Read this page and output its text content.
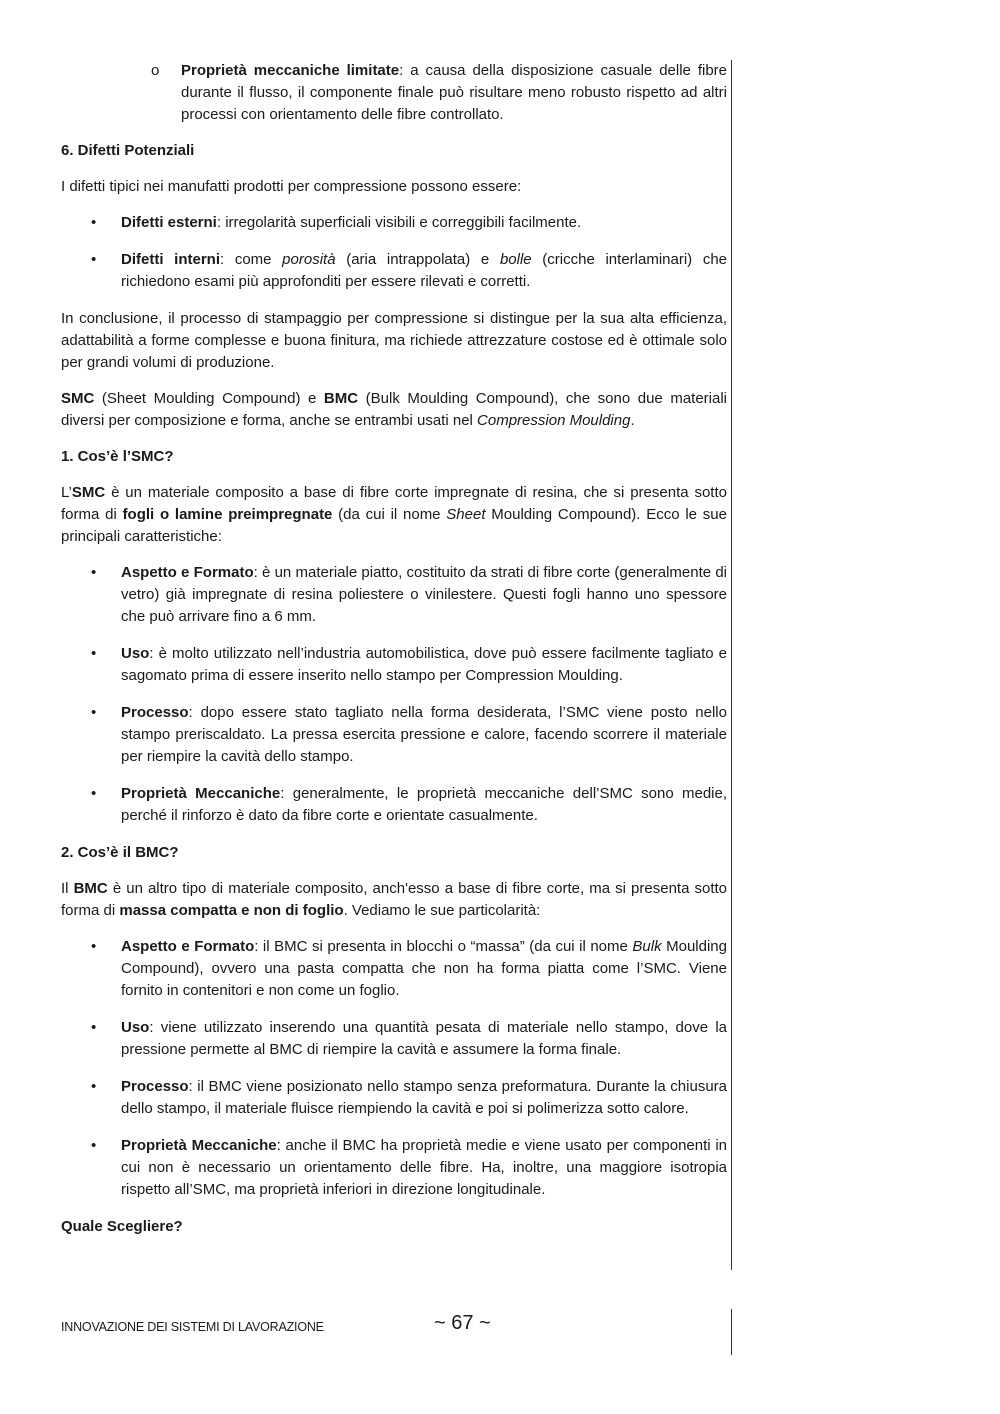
o Proprietà meccaniche limitate: a causa della disposizione casuale delle fibre durante il flusso, il componente finale può risultare meno robusto rispetto ad altri processi con orientamento delle fibre controllato.
6. Difetti Potenziali

I difetti tipici nei manufatti prodotti per compressione possono essere:

• Difetti esterni: irregolarità superficiali visibili e correggibili facilmente.
• Difetti interni: come porosità (aria intrappolata) e bolle (cricche interlaminari) che richiedono esami più approfonditi per essere rilevati e corretti.

In conclusione, il processo di stampaggio per compressione si distingue per la sua alta efficienza, adattabilità a forme complesse e buona finitura, ma richiede attrezzature costose ed è ottimale solo per grandi volumi di produzione.

SMC (Sheet Moulding Compound) e BMC (Bulk Moulding Compound), che sono due materiali diversi per composizione e forma, anche se entrambi usati nel Compression Moulding.

1. Cos’è l’SMC?

L’SMC è un materiale composito a base di fibre corte impregnate di resina, che si presenta sotto forma di fogli o lamine preimpregnate (da cui il nome Sheet Moulding Compound). Ecco le sue principali caratteristiche:

• Aspetto e Formato: è un materiale piatto, costituito da strati di fibre corte (generalmente di vetro) già impregnate di resina poliestere o vinilestere. Questi fogli hanno uno spessore che può arrivare fino a 6 mm.
• Uso: è molto utilizzato nell’industria automobilistica, dove può essere facilmente tagliato e sagomato prima di essere inserito nello stampo per Compression Moulding.
• Processo: dopo essere stato tagliato nella forma desiderata, l’SMC viene posto nello stampo preriscaldato. La pressa esercita pressione e calore, facendo scorrere il materiale per riempire la cavità dello stampo.
• Proprietà Meccaniche: generalmente, le proprietà meccaniche dell’SMC sono medie, perché il rinforzo è dato da fibre corte e orientate casualmente.
2. Cos’è il BMC?

Il BMC è un altro tipo di materiale composito, anch'esso a base di fibre corte, ma si presenta sotto forma di massa compatta e non di foglio. Vediamo le sue particolarità:

• Aspetto e Formato: il BMC si presenta in blocchi o “massa” (da cui il nome Bulk Moulding Compound), ovvero una pasta compatta che non ha forma piatta come l’SMC. Viene fornito in contenitori e non come un foglio.
• Uso: viene utilizzato inserendo una quantità pesata di materiale nello stampo, dove la pressione permette al BMC di riempire la cavità e assumere la forma finale.
• Processo: il BMC viene posizionato nello stampo senza preformatura. Durante la chiusura dello stampo, il materiale fluisce riempiendo la cavità e poi si polimerizza sotto calore.
• Proprietà Meccaniche: anche il BMC ha proprietà medie e viene usato per componenti in cui non è necessario un orientamento delle fibre. Ha, inoltre, una maggiore isotropia rispetto all’SMC, ma proprietà inferiori in direzione longitudinale.
Quale Scegliere?
INNOVAZIONE DEI SISTEMI DI LAVORAZIONE	~ 67 ~
